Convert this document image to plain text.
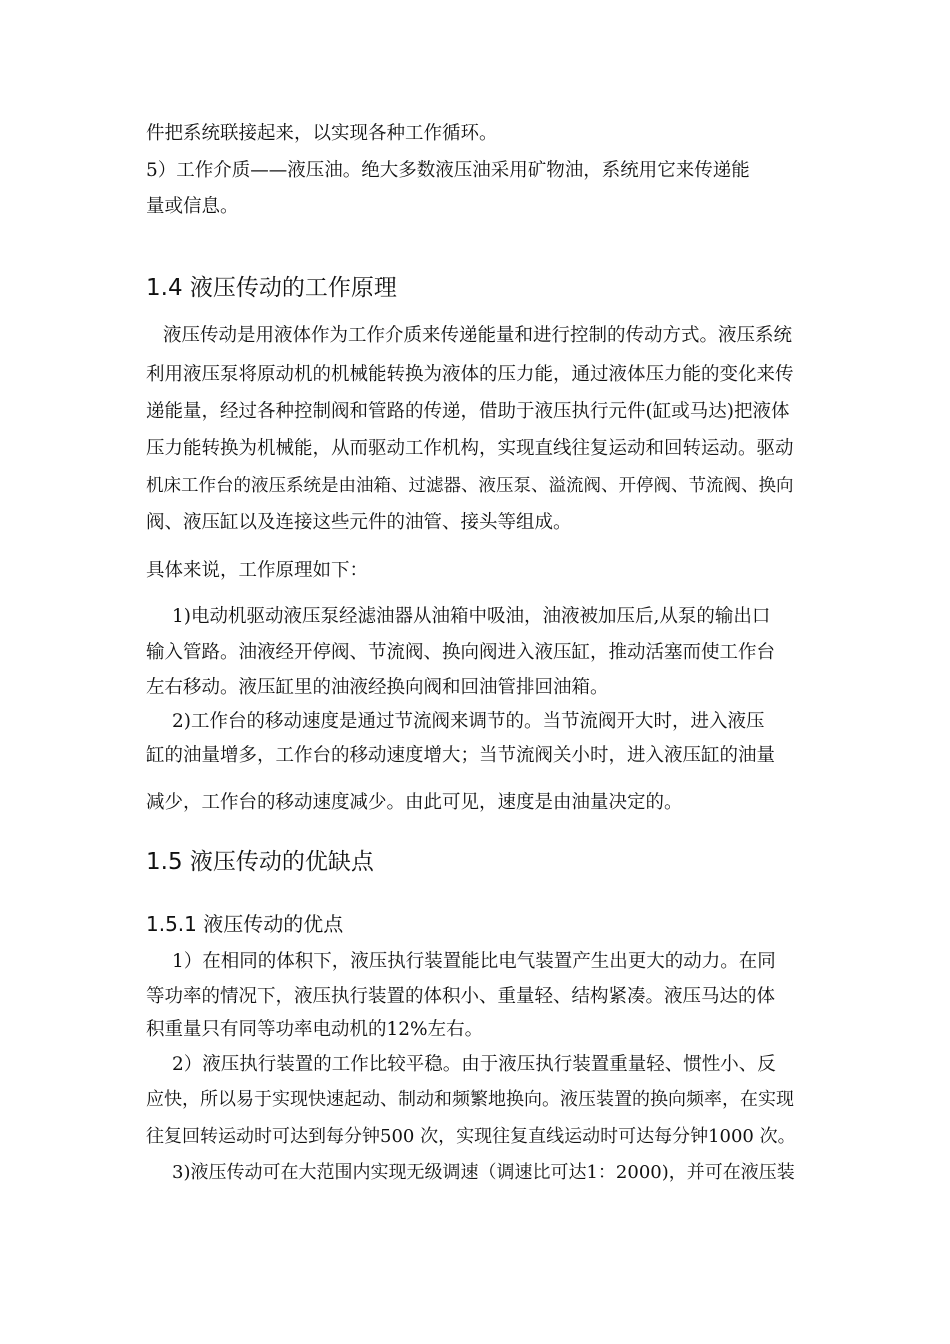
件把系统联接起来，以实现各种工作循环。
5）工作介质——液压油。绝大多数液压油采用矿物油，系统用它来传递能
量或信息。
1.4 液压传动的工作原理
液压传动是用液体作为工作介质来传递能量和进行控制的传动方式。液压系统
利用液压泵将原动机的机械能转换为液体的压力能，通过液体压力能的变化来传
递能量，经过各种控制阀和管路的传递，借助于液压执行元件(缸或马达)把液体
压力能转换为机械能，从而驱动工作机构，实现直线往复运动和回转运动。驱动
机床工作台的液压系统是由油箱、过滤器、液压泵、溢流阀、开停阀、节流阀、换向
阀、液压缸以及连接这些元件的油管、接头等组成。
具体来说，工作原理如下：
1)电动机驱动液压泵经滤油器从油箱中吸油，油液被加压后,从泵的输出口
输入管路。油液经开停阀、节流阀、换向阀进入液压缸，推动活塞而使工作台
左右移动。液压缸里的油液经换向阀和回油管排回油箱。
2)工作台的移动速度是通过节流阀来调节的。当节流阀开大时，进入液压
缸的油量增多，工作台的移动速度增大；当节流阀关小时，进入液压缸的油量
减少，工作台的移动速度减少。由此可见，速度是由油量决定的。
1.5 液压传动的优缺点
1.5.1 液压传动的优点
1）在相同的体积下，液压执行装置能比电气装置产生出更大的动力。在同
等功率的情况下，液压执行装置的体积小、重量轻、结构紧凑。液压马达的体
积重量只有同等功率电动机的12%左右。
2）液压执行装置的工作比较平稳。由于液压执行装置重量轻、惯性小、反
应快，所以易于实现快速起动、制动和频繁地换向。液压装置的换向频率，在实现
往复回转运动时可达到每分钟500 次，实现往复直线运动时可达每分钟1000 次。
3)液压传动可在大范围内实现无级调速（调速比可达1：2000)，并可在液压装
